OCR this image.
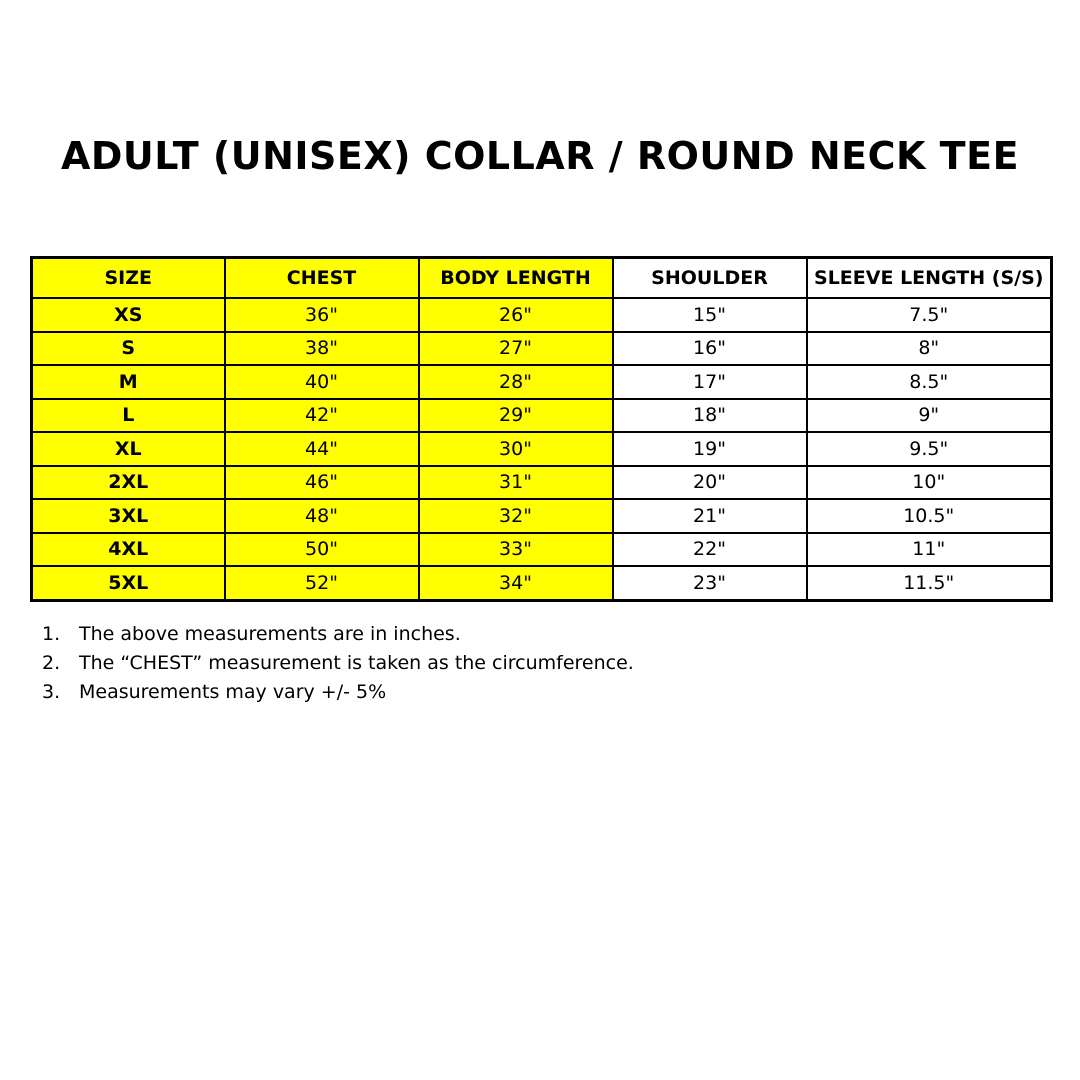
ADULT (UNISEX) COLLAR / ROUND NECK TEE
SIZE	CHEST	BODY LENGTH	SHOULDER	SLEEVE LENGTH (S/S)
XS	36"	26"	15"	7.5"
S	38"	27"	16"	8"
M	40"	28"	17"	8.5"
L	42"	29"	18"	9"
XL	44"	30"	19"	9.5"
2XL	46"	31"	20"	10"
3XL	48"	32"	21"	10.5"
4XL	50"	33"	22"	11"
5XL	52"	34"	23"	11.5"
1. The above measurements are in inches.
2. The “CHEST” measurement is taken as the circumference.
3. Measurements may vary +/- 5%
